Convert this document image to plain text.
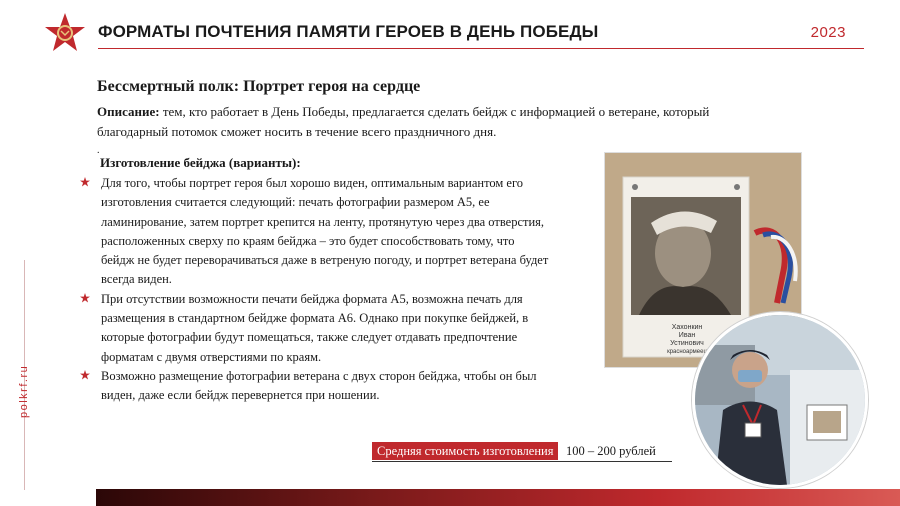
ФОРМАТЫ ПОЧТЕНИЯ ПАМЯТИ ГЕРОЕВ В ДЕНЬ ПОБЕДЫ	2023
polkrf.ru
Бессмертный полк: Портрет героя на сердце
Описание: тем, кто работает в День Победы, предлагается сделать бейдж с информацией о ветеране, который благодарный потомок сможет носить в течение всего праздничного дня.
.
Изготовление бейджа (варианты):
Для того, чтобы портрет героя был хорошо виден, оптимальным вариантом его изготовления считается следующий: печать фотографии размером А5, ее ламинирование, затем портрет крепится на ленту, протянутую через два отверстия, расположенных сверху по краям бейджа – это будет способствовать тому, что бейдж не будет переворачиваться даже в ветреную погоду, и портрет ветерана будет всегда виден.
При отсутствии возможности печати бейджа формата А5, возможна печать для размещения в стандартном бейдже формата А6. Однако при покупке бейджей, в которые фотографии будут помещаться, также следует отдавать предпочтение форматам с двумя отверстиями по краям.
Возможно размещение фотографии ветерана с двух сторон бейджа, чтобы он был виден, даже если бейдж перевернется при ношении.
Хахонкин
Иван
Устинович
красноармеец
Средняя стоимость изготовления	100 – 200 рублей
